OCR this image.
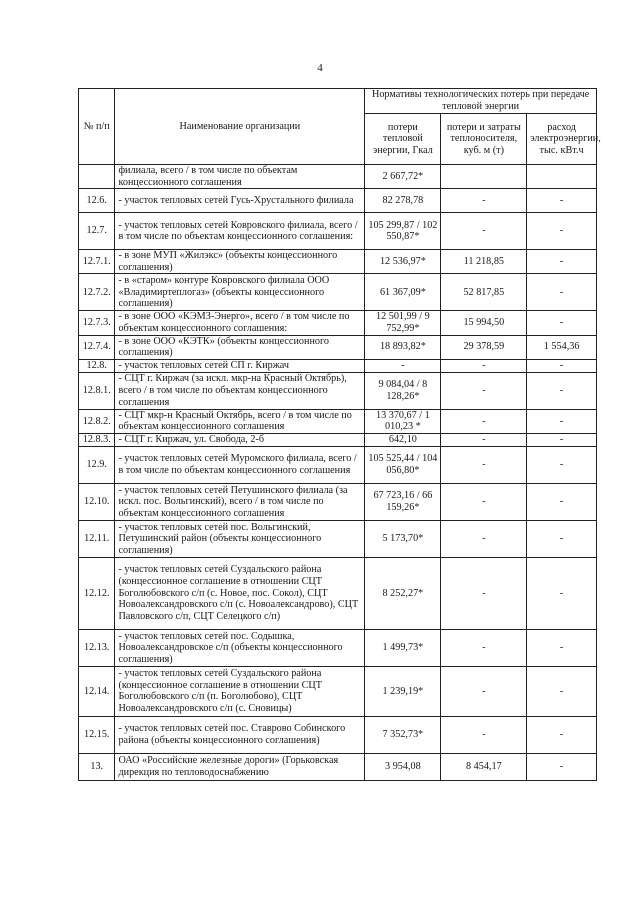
4
№ п/п	Наименование организации	Нормативы технологических потерь при передаче тепловой энергии		
		потери тепловой энергии, Гкал	потери и затраты теплоносителя, куб. м (т)	расход электроэнергии, тыс. кВт.ч
	филиала, всего / в том числе по объектам концессионного соглашения	2 667,72*		
12.6.	- участок тепловых сетей Гусь-Хрустального филиала	82 278,78	-	-
12.7.	- участок тепловых сетей Ковровского филиала, всего / в том числе по объектам концессионного соглашения:	105 299,87 / 102 550,87*	-	-
12.7.1.	- в зоне МУП «Жилэкс» (объекты концессионного соглашения)	12 536,97*	11 218,85	-
12.7.2.	- в «старом» контуре Ковровского филиала ООО «Владимиртеплогаз» (объекты концессионного соглашения)	61 367,09*	52 817,85	-
12.7.3.	- в зоне ООО «КЭМЗ-Энерго», всего / в том числе по объектам концессионного соглашения:	12 501,99 / 9 752,99*	15 994,50	-
12.7.4.	- в зоне ООО «КЭТК» (объекты концессионного соглашения)	18 893,82*	29 378,59	1 554,36
12.8.	- участок тепловых сетей СП г. Киржач	-	-	-
12.8.1.	- СЦТ г. Киржач (за искл. мкр-на Красный Октябрь), всего / в том числе по объектам концессионного соглашения	9 084,04 / 8 128,26*	-	-
12.8.2.	- СЦТ мкр-н Красный Октябрь, всего / в том числе по объектам концессионного соглашения	13 370,67 / 1 010,23 *	-	-
12.8.3.	- СЦТ г. Киржач, ул. Свобода, 2-б	642,10	-	-
12.9.	- участок тепловых сетей Муромского филиала, всего / в том числе по объектам концессионного соглашения	105 525,44 / 104 056,80*	-	-
12.10.	- участок тепловых сетей Петушинского филиала (за искл. пос. Вольгинский), всего / в том числе по объектам концессионного соглашения	67 723,16 / 66 159,26*	-	-
12.11.	- участок тепловых сетей пос. Вольгинский, Петушинский район (объекты концессионного соглашения)	5 173,70*	-	-
12.12.	- участок тепловых сетей Суздальского района (концессионное соглашение в отношении СЦТ Боголюбовского с/п (с. Новое, пос. Сокол), СЦТ Новоалександровского с/п (с. Новоалександрово), СЦТ Павловского с/п, СЦТ Селецкого с/п)	8 252,27*	-	-
12.13.	- участок тепловых сетей пос. Содышка, Новоалександровское с/п (объекты концессионного соглашения)	1 499,73*	-	-
12.14.	- участок тепловых сетей Суздальского района (концессионное соглашение в отношении СЦТ Боголюбовского с/п (п. Боголюбово), СЦТ Новоалександровского с/п (с. Сновицы)	1 239,19*	-	-
12.15.	- участок тепловых сетей пос. Ставрово Собинского района (объекты концессионного соглашения)	7 352,73*	-	-
13.	ОАО «Российские железные дороги» (Горьковская дирекция по тепловодоснабжению	3 954,08	8 454,17	-
